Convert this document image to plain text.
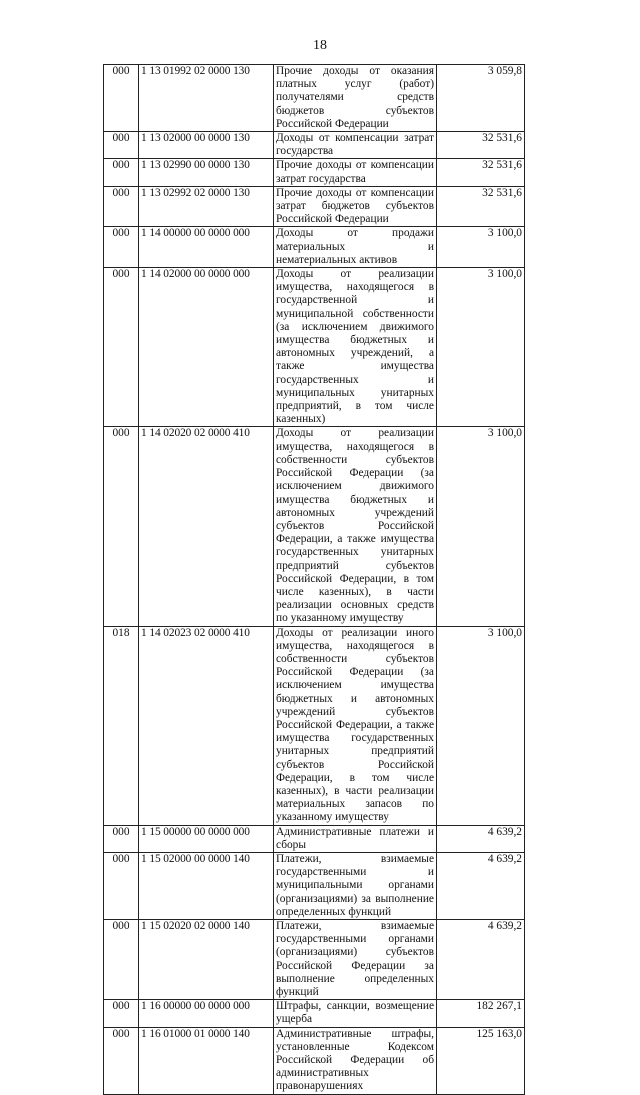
18
000	1 13 01992 02 0000 130	Прочие доходы от оказания платных услуг (работ) получателями средств бюджетов субъектов Российской Федерации	3 059,8
000	1 13 02000 00 0000 130	Доходы от компенсации затрат государства	32 531,6
000	1 13 02990 00 0000 130	Прочие доходы от компенсации затрат государства	32 531,6
000	1 13 02992 02 0000 130	Прочие доходы от компенсации затрат бюджетов субъектов Российской Федерации	32 531,6
000	1 14 00000 00 0000 000	Доходы от продажи материальных и нематериальных активов	3 100,0
000	1 14 02000 00 0000 000	Доходы от реализации имущества, находящегося в государственной и муниципальной собственности (за исключением движимого имущества бюджетных и автономных учреждений, а также имущества государственных и муниципальных унитарных предприятий, в том числе казенных)	3 100,0
000	1 14 02020 02 0000 410	Доходы от реализации имущества, находящегося в собственности субъектов Российской Федерации (за исключением движимого имущества бюджетных и автономных учреждений субъектов Российской Федерации, а также имущества государственных унитарных предприятий субъектов Российской Федерации, в том числе казенных), в части реализации основных средств по указанному имуществу	3 100,0
018	1 14 02023 02 0000 410	Доходы от реализации иного имущества, находящегося в собственности субъектов Российской Федерации (за исключением имущества бюджетных и автономных учреждений субъектов Российской Федерации, а также имущества государственных унитарных предприятий субъектов Российской Федерации, в том числе казенных), в части реализации материальных запасов по указанному имуществу	3 100,0
000	1 15 00000 00 0000 000	Административные платежи и сборы	4 639,2
000	1 15 02000 00 0000 140	Платежи, взимаемые государственными и муниципальными органами (организациями) за выполнение определенных функций	4 639,2
000	1 15 02020 02 0000 140	Платежи, взимаемые государственными органами (организациями) субъектов Российской Федерации за выполнение определенных функций	4 639,2
000	1 16 00000 00 0000 000	Штрафы, санкции, возмещение ущерба	182 267,1
000	1 16 01000 01 0000 140	Административные штрафы, установленные Кодексом Российской Федерации об административных правонарушениях	125 163,0
